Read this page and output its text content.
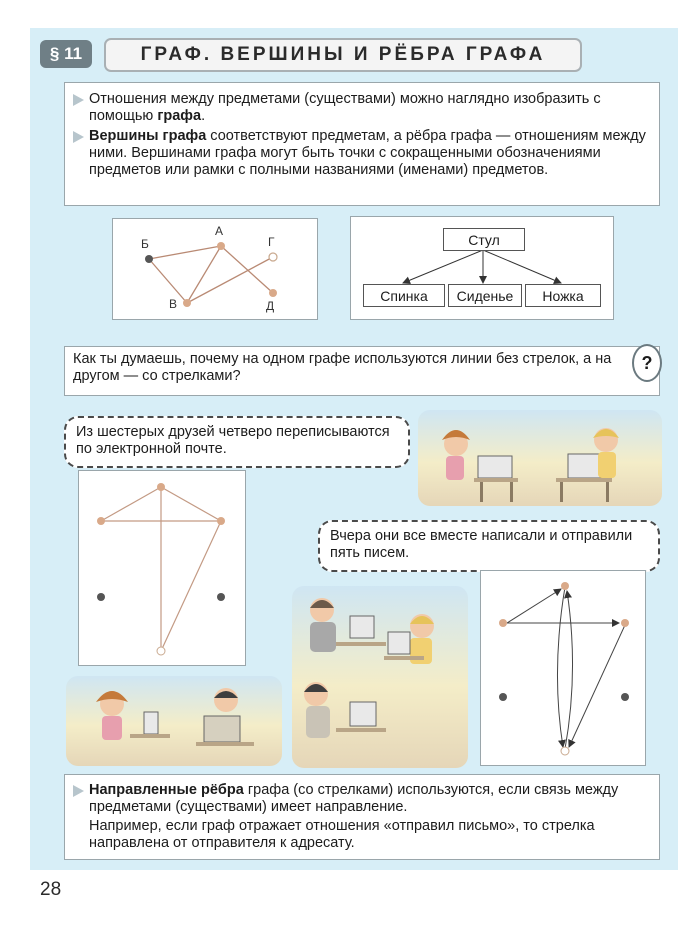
§ 11	ГРАФ. ВЕРШИНЫ И РЁБРА ГРАФА
Отношения между предметами (существами) можно наглядно изобразить с помощью графа.
Вершины графа соответствуют предметам, а рёбра графа — отношениям между ними. Вершинами графа могут быть точки с сокращенными обозначениями предметов или рамки с полными названиями (именами) предметов.
Б
А
Г
В	Д
Стул
Спинка Сиденье Ножка
Как ты думаешь, почему на одном графе используются линии без стрелок, а на другом — со стрелками?
?
Из шестерых друзей четверо переписываются по электронной почте.
Вчера они все вместе написали и отправили пять писем.
Направленные рёбра графа (со стрелками) используются, если связь между предметами (существами) имеет направление.
Например, если граф отражает отношения «отправил письмо», то стрелка направлена от отправителя к адресату.
28
